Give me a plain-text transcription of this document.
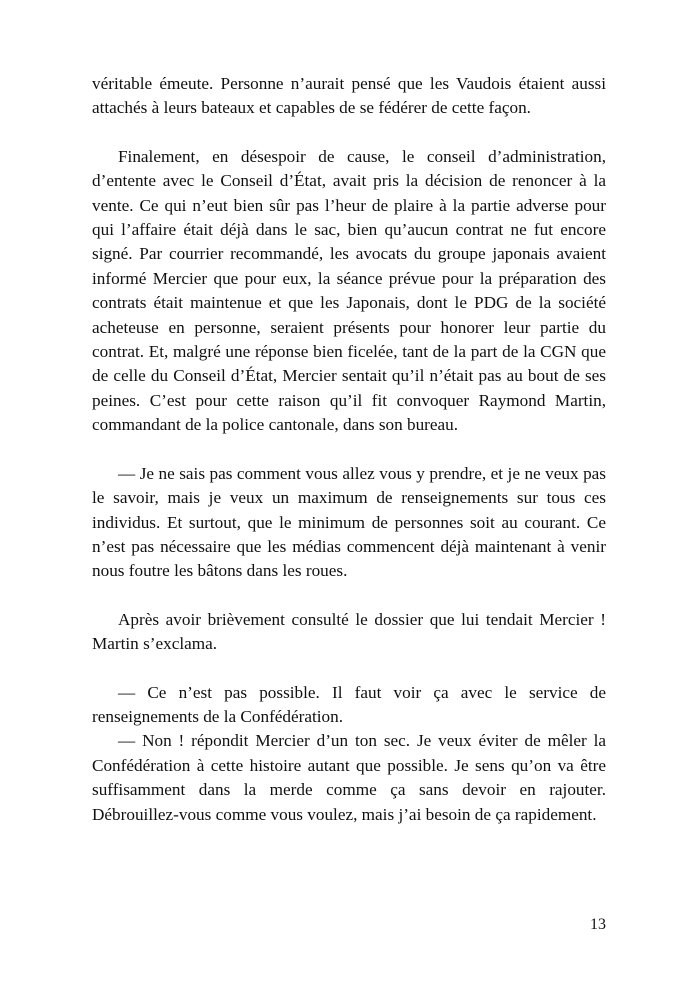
véritable émeute. Personne n’aurait pensé que les Vaudois étaient aussi attachés à leurs bateaux et capables de se fédérer de cette façon.

Finalement, en désespoir de cause, le conseil d’administration, d’entente avec le Conseil d’État, avait pris la décision de renoncer à la vente. Ce qui n’eut bien sûr pas l’heur de plaire à la partie adverse pour qui l’affaire était déjà dans le sac, bien qu’aucun contrat ne fut encore signé. Par courrier recommandé, les avocats du groupe japonais avaient informé Mercier que pour eux, la séance prévue pour la préparation des contrats était maintenue et que les Japonais, dont le PDG de la société acheteuse en personne, seraient présents pour honorer leur partie du contrat. Et, malgré une réponse bien ficelée, tant de la part de la CGN que de celle du Conseil d’État, Mercier sentait qu’il n’était pas au bout de ses peines. C’est pour cette raison qu’il fit convoquer Raymond Martin, commandant de la police cantonale, dans son bureau.

— Je ne sais pas comment vous allez vous y prendre, et je ne veux pas le savoir, mais je veux un maximum de renseignements sur tous ces individus. Et surtout, que le minimum de personnes soit au courant. Ce n’est pas nécessaire que les médias commencent déjà maintenant à venir nous foutre les bâtons dans les roues.

Après avoir brièvement consulté le dossier que lui tendait Mercier ! Martin s’exclama.

— Ce n’est pas possible. Il faut voir ça avec le service de renseignements de la Confédération.

— Non ! répondit Mercier d’un ton sec. Je veux éviter de mêler la Confédération à cette histoire autant que possible. Je sens qu’on va être suffisamment dans la merde comme ça sans devoir en rajouter. Débrouillez-vous comme vous voulez, mais j’ai besoin de ça rapidement.

13
